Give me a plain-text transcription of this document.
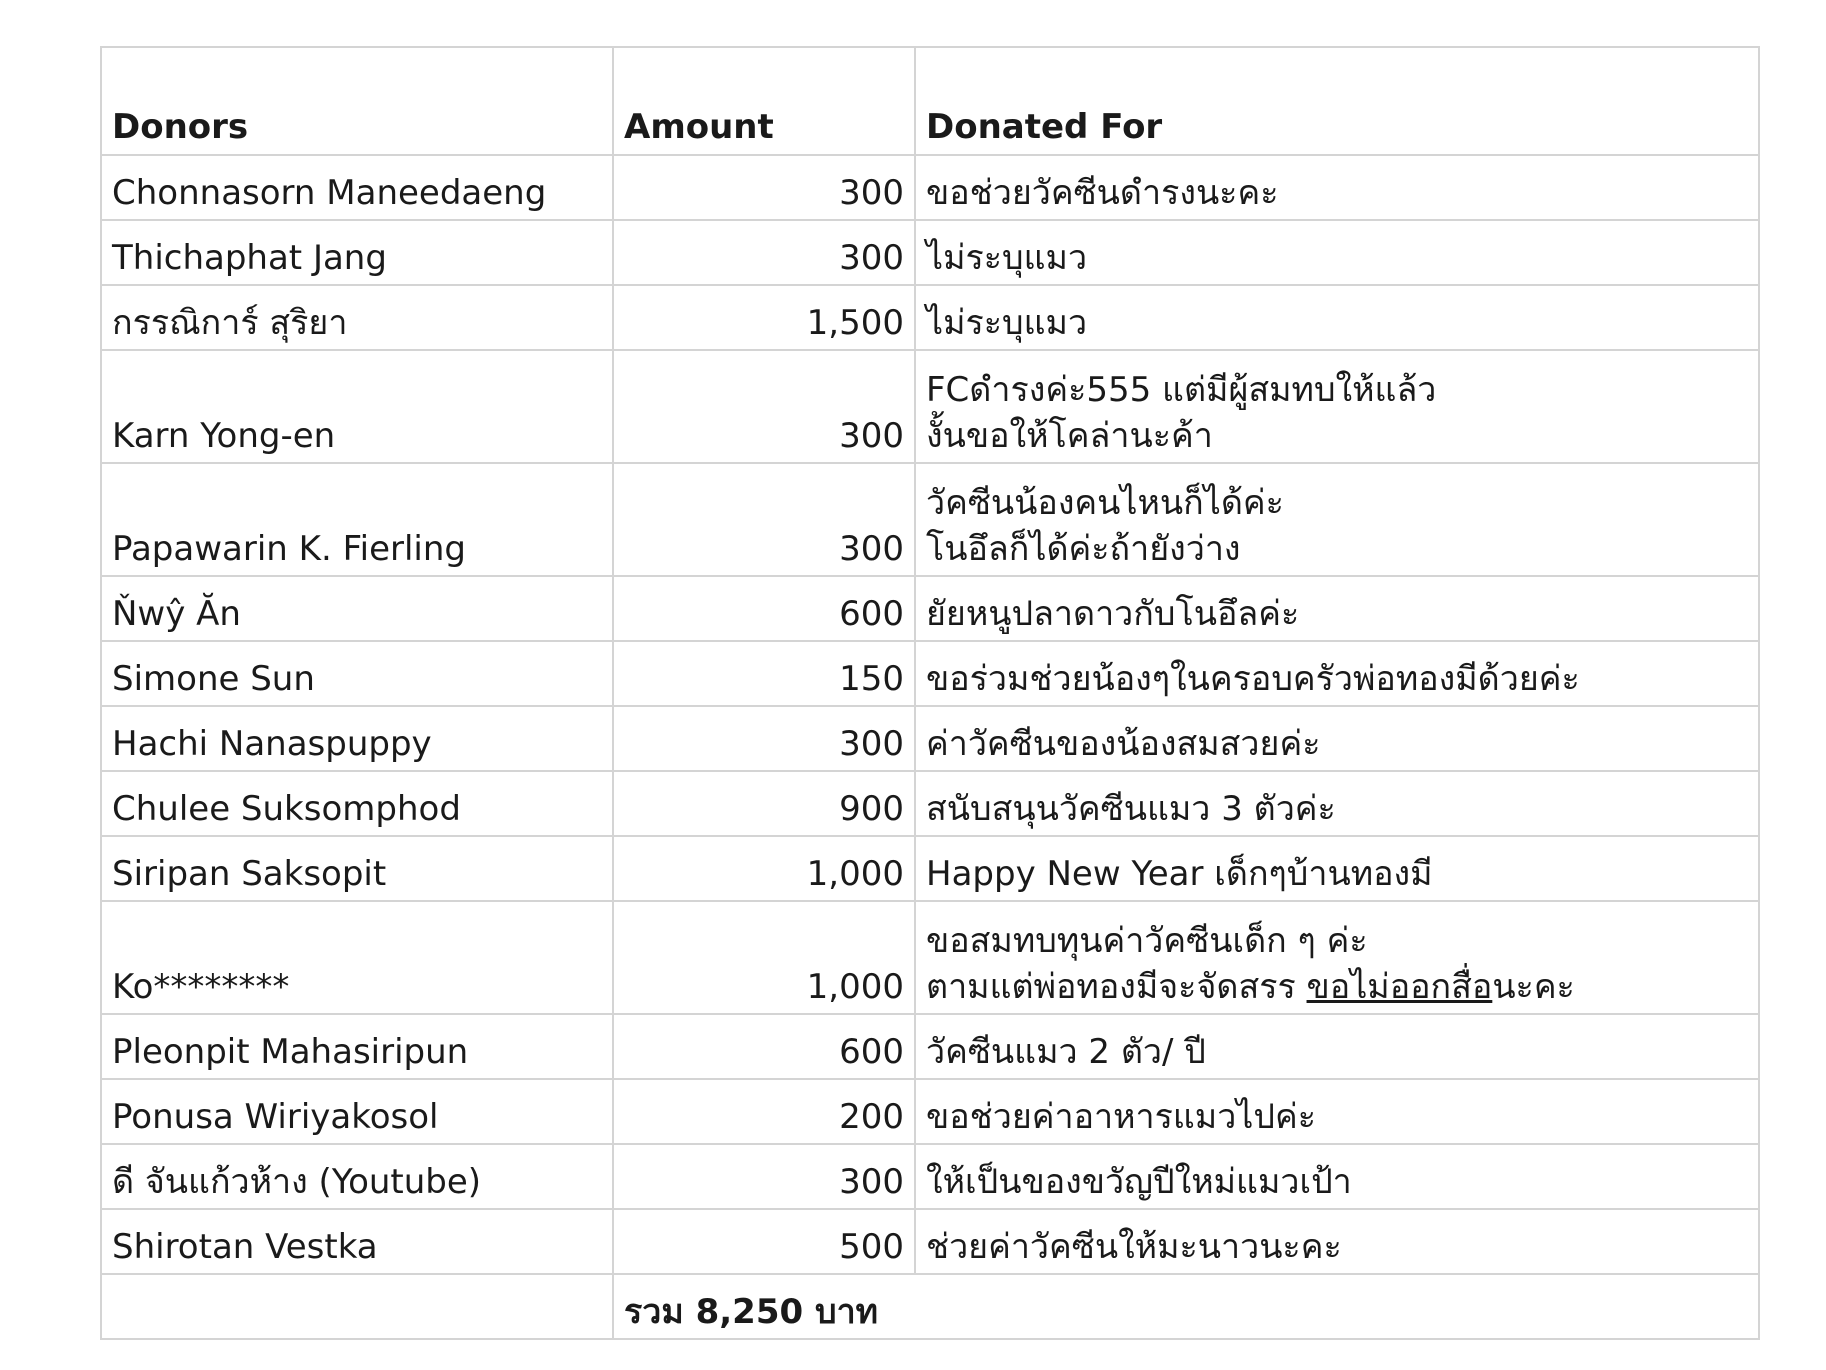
Donors	Amount	Donated For
Chonnasorn Maneedaeng	300	ขอช่วยวัคซีนดำรงนะคะ

Thichaphat Jang	300	ไม่ระบุแมว

กรรณิการ์ สุริยา	1,500	ไม่ระบุแมว

Karn Yong-en	300	FCดำรงค่ะ555 แต่มีผู้สมทบให้แล้ว
งั้นขอให้โคล่านะค้า

Papawarin K. Fierling	300	วัคซีนน้องคนไหนก็ได้ค่ะ
โนอึลก็ได้ค่ะถ้ายังว่าง

Ňwŷ Ăn	600	ยัยหนูปลาดาวกับโนอึลค่ะ

Simone Sun	150	ขอร่วมช่วยน้องๆในครอบครัวพ่อทองมีด้วยค่ะ

Hachi Nanaspuppy	300	ค่าวัคซีนของน้องสมสวยค่ะ

Chulee Suksomphod	900	สนับสนุนวัคซีนแมว 3 ตัวค่ะ

Siripan Saksopit	1,000	Happy New Year เด็กๆบ้านทองมี

Ko********	1,000	ขอสมทบทุนค่าวัคซีนเด็ก ๆ ค่ะ
ตามแต่พ่อทองมีจะจัดสรร ขอไม่ออกสื่อนะคะ

Pleonpit Mahasiripun	600	วัคซีนแมว 2 ตัว/ ปี

Ponusa Wiriyakosol	200	ขอช่วยค่าอาหารแมวไปค่ะ

ดี จันแก้วห้าง (Youtube)	300	ให้เป็นของขวัญปีใหม่แมวเป้า

Shirotan Vestka	500	ช่วยค่าวัคซีนให้มะนาวนะคะ

	รวม 8,250 บาท	
